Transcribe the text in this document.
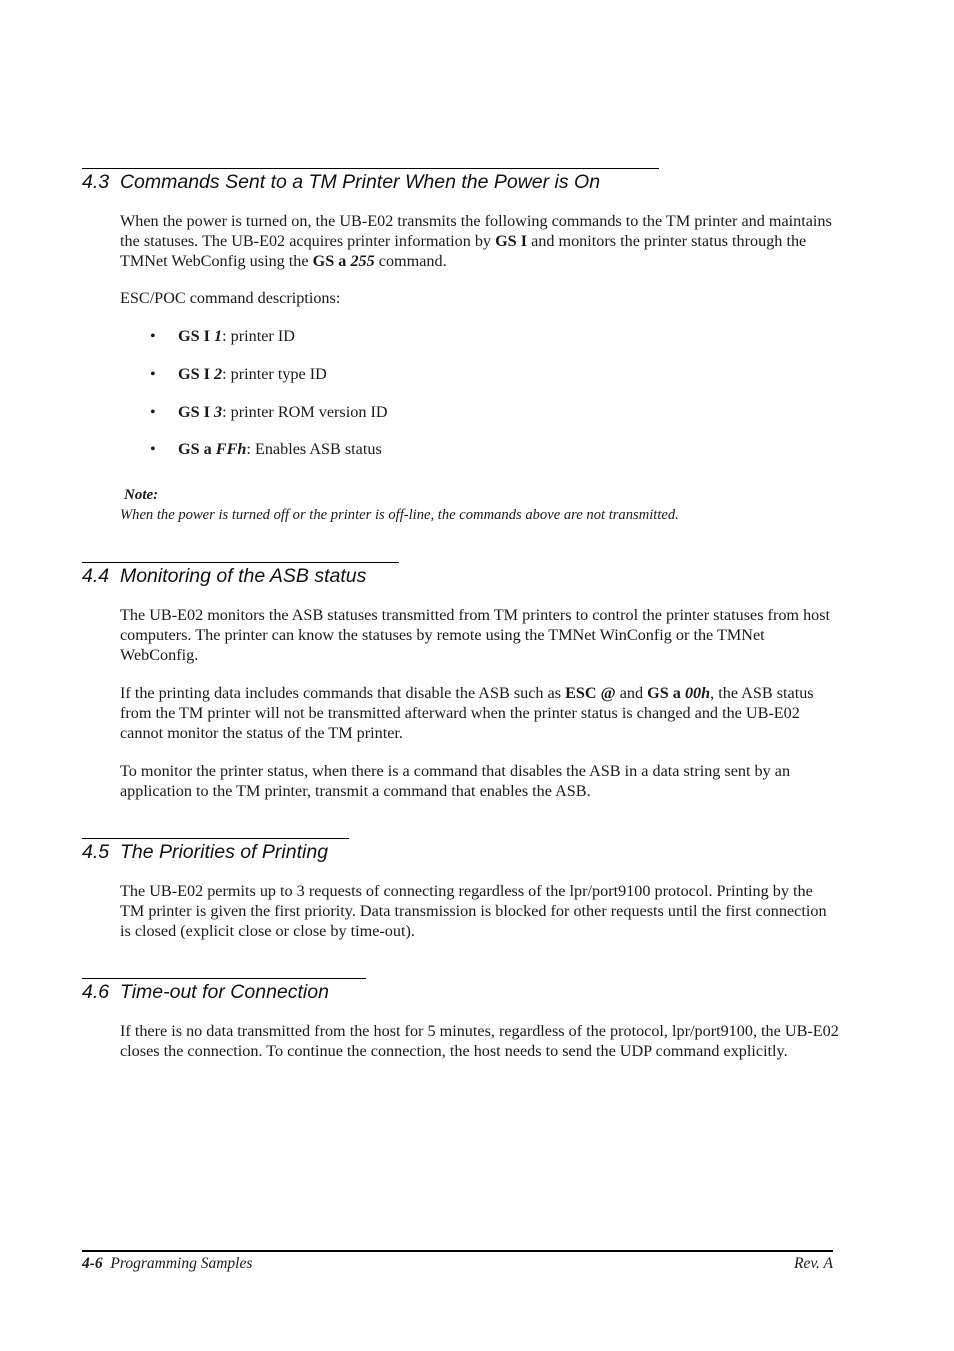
4.3 Commands Sent to a TM Printer When the Power is On
When the power is turned on, the UB-E02 transmits the following commands to the TM printer and maintains the statuses. The UB-E02 acquires printer information by GS I and monitors the printer status through the TMNet WebConfig using the GS a 255 command.
ESC/POC command descriptions:
• GS I 1: printer ID
• GS I 2: printer type ID
• GS I 3: printer ROM version ID
• GS a FFh: Enables ASB status
Note:
When the power is turned off or the printer is off-line, the commands above are not transmitted.
4.4 Monitoring of the ASB status
The UB-E02 monitors the ASB statuses transmitted from TM printers to control the printer statuses from host computers. The printer can know the statuses by remote using the TMNet WinConfig or the TMNet WebConfig.
If the printing data includes commands that disable the ASB such as ESC @ and GS a 00h, the ASB status from the TM printer will not be transmitted afterward when the printer status is changed and the UB-E02 cannot monitor the status of the TM printer.
To monitor the printer status, when there is a command that disables the ASB in a data string sent by an application to the TM printer, transmit a command that enables the ASB.
4.5 The Priorities of Printing
The UB-E02 permits up to 3 requests of connecting regardless of the lpr/port9100 protocol. Printing by the TM printer is given the first priority. Data transmission is blocked for other requests until the first connection is closed (explicit close or close by time-out).
4.6 Time-out for Connection
If there is no data transmitted from the host for 5 minutes, regardless of the protocol, lpr/port9100, the UB-E02 closes the connection. To continue the connection, the host needs to send the UDP command explicitly.
4-6 Programming Samples	Rev. A
